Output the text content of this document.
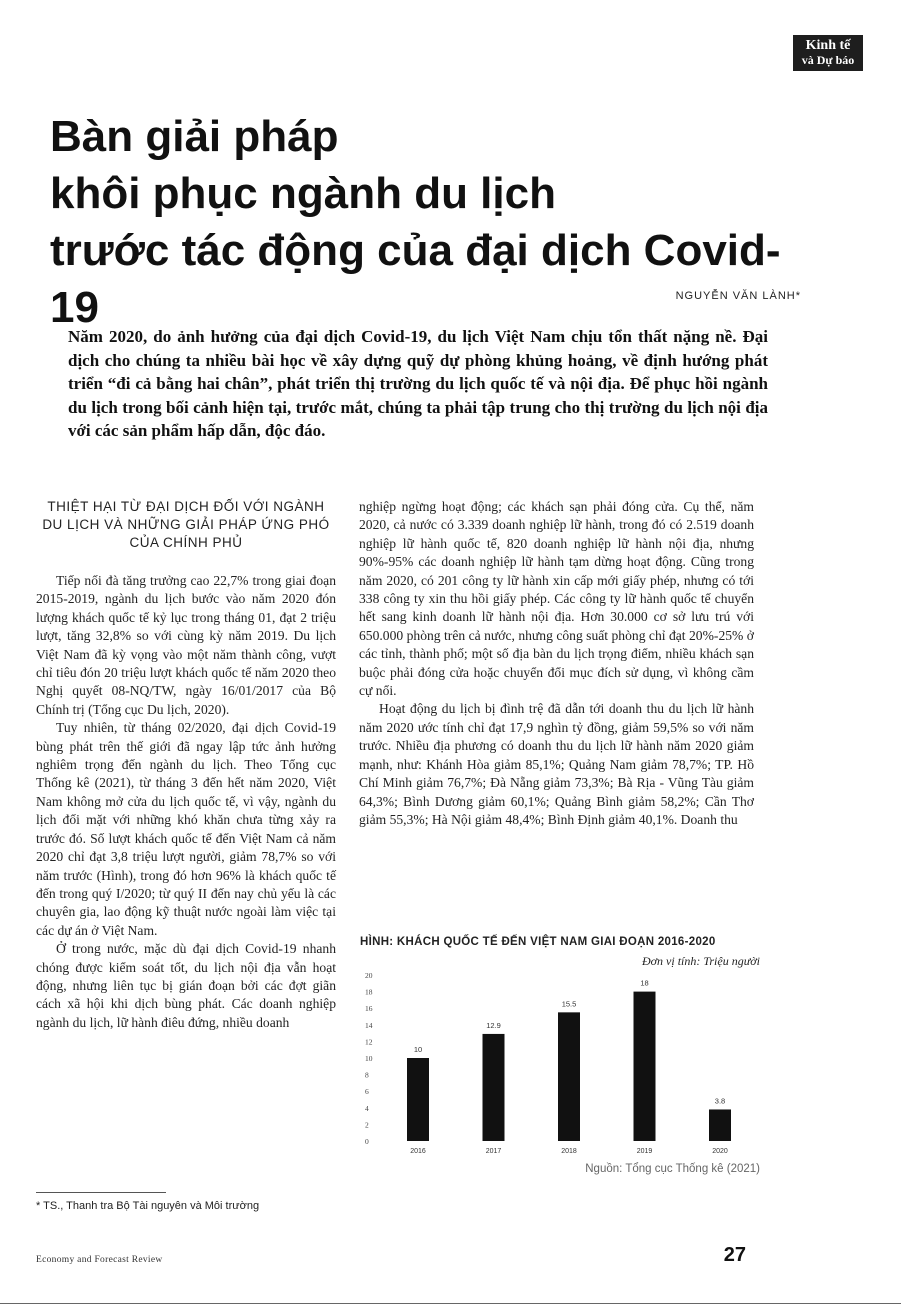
Kinh tế
và Dự báo
Bàn giải pháp
khôi phục ngành du lịch
trước tác động của đại dịch Covid-19	NGUYỄN VĂN LÀNH*
Năm 2020, do ảnh hưởng của đại dịch Covid-19, du lịch Việt Nam chịu tổn thất nặng nề. Đại dịch cho chúng ta nhiều bài học về xây dựng quỹ dự phòng khủng hoảng, về định hướng phát triển “đi cả bằng hai chân”, phát triển thị trường du lịch quốc tế và nội địa. Để phục hồi ngành du lịch trong bối cảnh hiện tại, trước mắt, chúng ta phải tập trung cho thị trường du lịch nội địa với các sản phẩm hấp dẫn, độc đáo.
THIỆT HẠI TỪ ĐẠI DỊCH ĐỐI VỚI NGÀNH DU LỊCH VÀ NHỮNG GIẢI PHÁP ỨNG PHÓ CỦA CHÍNH PHỦ

Tiếp nối đà tăng trưởng cao 22,7% trong giai đoạn 2015-2019, ngành du lịch bước vào năm 2020 đón lượng khách quốc tế kỷ lục trong tháng 01, đạt 2 triệu lượt, tăng 32,8% so với cùng kỳ năm 2019. Du lịch Việt Nam đã kỳ vọng vào một năm thành công, vượt chỉ tiêu đón 20 triệu lượt khách quốc tế năm 2020 theo Nghị quyết 08-NQ/TW, ngày 16/01/2017 của Bộ Chính trị (Tổng cục Du lịch, 2020).

Tuy nhiên, từ tháng 02/2020, đại dịch Covid-19 bùng phát trên thế giới đã ngay lập tức ảnh hưởng nghiêm trọng đến ngành du lịch. Theo Tổng cục Thống kê (2021), từ tháng 3 đến hết năm 2020, Việt Nam không mở cửa du lịch quốc tế, vì vậy, ngành du lịch đối mặt với những khó khăn chưa từng xảy ra trước đó. Số lượt khách quốc tế đến Việt Nam cả năm 2020 chỉ đạt 3,8 triệu lượt người, giảm 78,7% so với năm trước (Hình), trong đó hơn 96% là khách quốc tế đến trong quý I/2020; từ quý II đến nay chủ yếu là các chuyên gia, lao động kỹ thuật nước ngoài làm việc tại các dự án ở Việt Nam.

Ở trong nước, mặc dù đại dịch Covid-19 nhanh chóng được kiểm soát tốt, du lịch nội địa vẫn hoạt động, nhưng liên tục bị gián đoạn bởi các đợt giãn cách xã hội khi dịch bùng phát. Các doanh nghiệp ngành du lịch, lữ hành điêu đứng, nhiều doanh

nghiệp ngừng hoạt động; các khách sạn phải đóng cửa. Cụ thể, năm 2020, cả nước có 3.339 doanh nghiệp lữ hành, trong đó có 2.519 doanh nghiệp lữ hành quốc tế, 820 doanh nghiệp lữ hành nội địa, nhưng 90%-95% các doanh nghiệp lữ hành tạm dừng hoạt động. Cũng trong năm 2020, có 201 công ty lữ hành xin cấp mới giấy phép, nhưng có tới 338 công ty xin thu hồi giấy phép. Các công ty lữ hành quốc tế chuyển hết sang kinh doanh lữ hành nội địa. Hơn 30.000 cơ sở lưu trú với 650.000 phòng trên cả nước, nhưng công suất phòng chỉ đạt 20%-25% ở các tỉnh, thành phố; một số địa bàn du lịch trọng điểm, nhiều khách sạn buộc phải đóng cửa hoặc chuyển đổi mục đích sử dụng, vì không cầm cự nổi.

Hoạt động du lịch bị đình trệ đã dẫn tới doanh thu du lịch lữ hành năm 2020 ước tính chỉ đạt 17,9 nghìn tỷ đồng, giảm 59,5% so với năm trước. Nhiều địa phương có doanh thu du lịch lữ hành năm 2020 giảm mạnh, như: Khánh Hòa giảm 85,1%; Quảng Nam giảm 78,7%; TP. Hồ Chí Minh giảm 76,7%; Đà Nẵng giảm 73,3%; Bà Rịa - Vũng Tàu giảm 64,3%; Bình Dương giảm 60,1%; Quảng Bình giảm 58,2%; Cần Thơ giảm 55,3%; Hà Nội giảm 48,4%; Bình Định giảm 40,1%. Doanh thu

HÌNH: KHÁCH QUỐC TẾ ĐẾN VIỆT NAM GIAI ĐOẠN 2016-2020
Đơn vị tính: Triệu người
0
2
4
6
8
10
12
14
16
18
20
10
2016
12.9
2017
15.5
2018
18
2019
3.8
2020
Nguồn: Tổng cục Thống kê (2021)
* TS., Thanh tra Bộ Tài nguyên và Môi trường
Economy and Forecast Review	27
